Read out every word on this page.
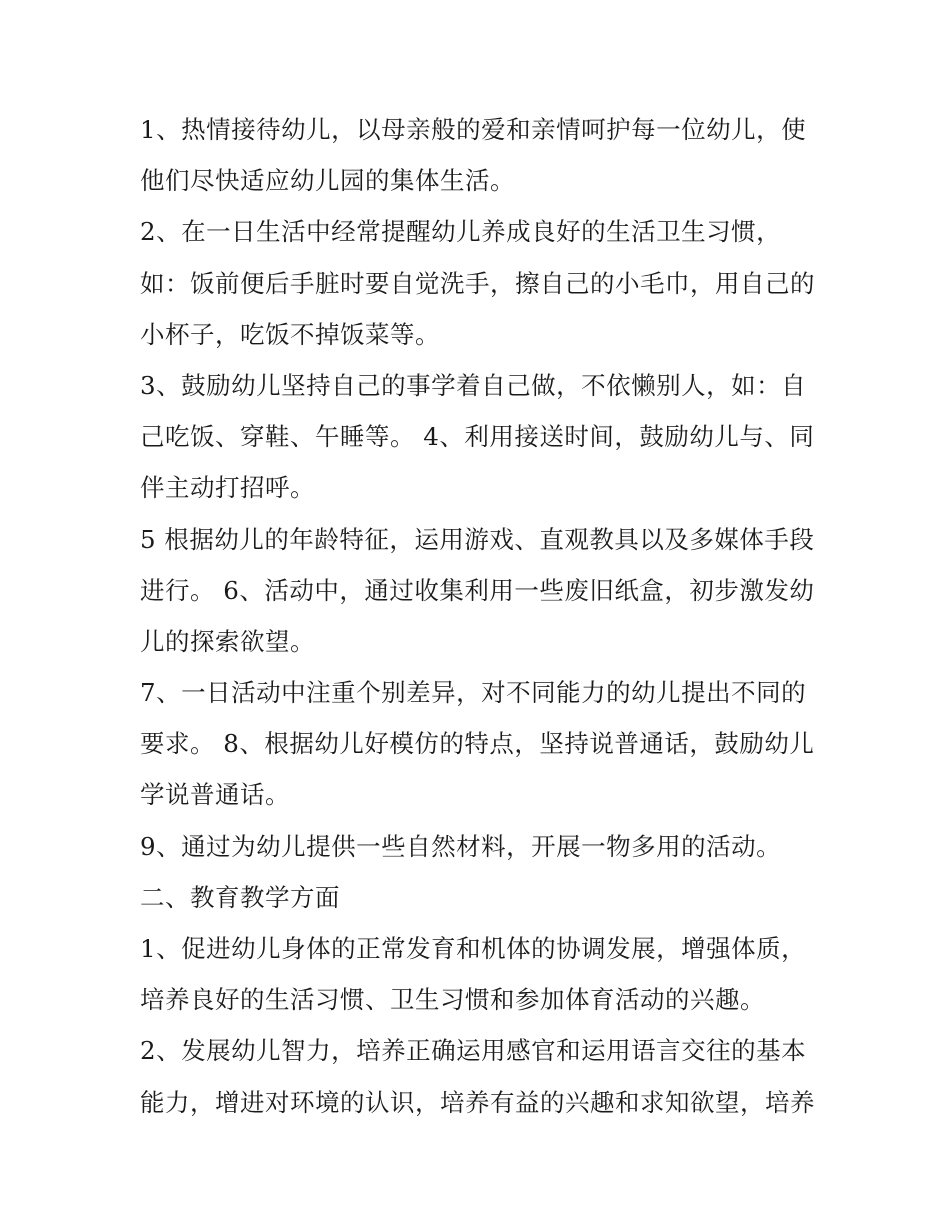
1、热情接待幼儿，以母亲般的爱和亲情呵护每一位幼儿，使
他们尽快适应幼儿园的集体生活。
2、在一日生活中经常提醒幼儿养成良好的生活卫生习惯，
如：饭前便后手脏时要自觉洗手，擦自己的小毛巾，用自己的
小杯子，吃饭不掉饭菜等。
3、鼓励幼儿坚持自己的事学着自己做，不依懒别人，如：自
己吃饭、穿鞋、午睡等。 4、利用接送时间，鼓励幼儿与、同
伴主动打招呼。
5 根据幼儿的年龄特征，运用游戏、直观教具以及多媒体手段
进行。 6、活动中，通过收集利用一些废旧纸盒，初步激发幼
儿的探索欲望。
7、一日活动中注重个别差异，对不同能力的幼儿提出不同的
要求。 8、根据幼儿好模仿的特点，坚持说普通话，鼓励幼儿
学说普通话。
9、通过为幼儿提供一些自然材料，开展一物多用的活动。
二、教育教学方面
1、促进幼儿身体的正常发育和机体的协调发展，增强体质，
培养良好的生活习惯、卫生习惯和参加体育活动的兴趣。
2、发展幼儿智力，培养正确运用感官和运用语言交往的基本
能力，增进对环境的认识，培养有益的兴趣和求知欲望，培养
